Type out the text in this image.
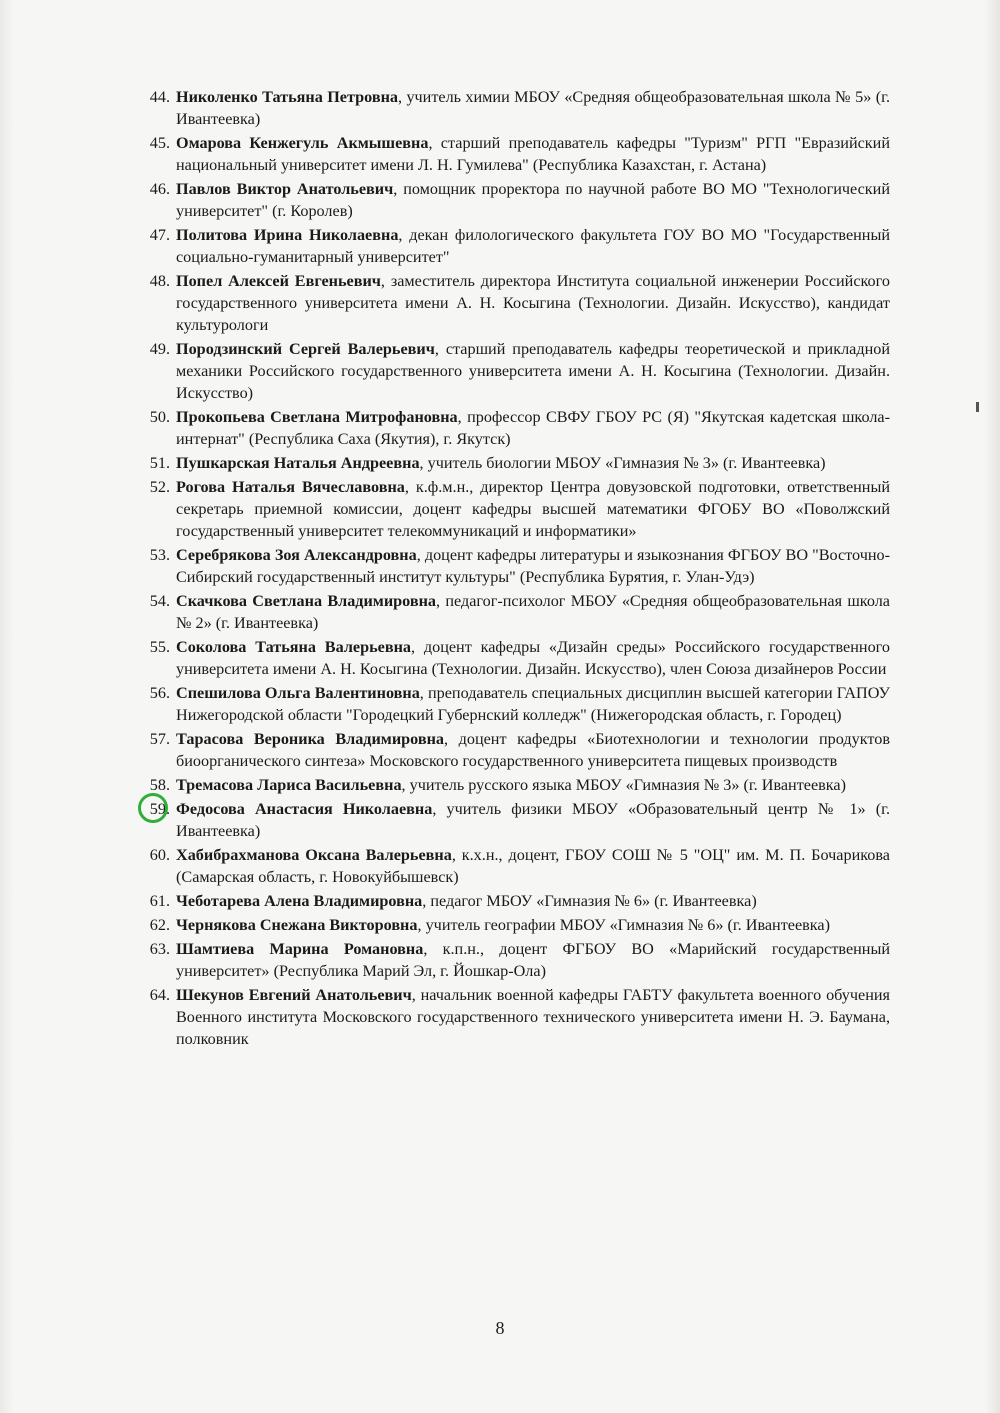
44. Николенко Татьяна Петровна, учитель химии МБОУ «Средняя общеобразовательная школа № 5» (г. Ивантеевка)
45. Омарова Кенжегуль Акмышевна, старший преподаватель кафедры "Туризм" РГП "Евразийский национальный университет имени Л. Н. Гумилева" (Республика Казахстан, г. Астана)
46. Павлов Виктор Анатольевич, помощник проректора по научной работе ВО МО "Технологический университет" (г. Королев)
47. Политова Ирина Николаевна, декан филологического факультета ГОУ ВО МО "Государственный социально-гуманитарный университет"
48. Попел Алексей Евгеньевич, заместитель директора Института социальной инженерии Российского государственного университета имени А. Н. Косыгина (Технологии. Дизайн. Искусство), кандидат культурологи
49. Породзинский Сергей Валерьевич, старший преподаватель кафедры теоретической и прикладной механики Российского государственного университета имени А. Н. Косыгина (Технологии. Дизайн. Искусство)
50. Прокопьева Светлана Митрофановна, профессор СВФУ ГБОУ РС (Я) "Якутская кадетская школа-интернат" (Республика Саха (Якутия), г. Якутск)
51. Пушкарская Наталья Андреевна, учитель биологии МБОУ «Гимназия № 3» (г. Ивантеевка)
52. Рогова Наталья Вячеславовна, к.ф.м.н., директор Центра довузовской подготовки, ответственный секретарь приемной комиссии, доцент кафедры высшей математики ФГОБУ ВО «Поволжский государственный университет телекоммуникаций и информатики»
53. Серебрякова Зоя Александровна, доцент кафедры литературы и языкознания ФГБОУ ВО "Восточно-Сибирский государственный институт культуры" (Республика Бурятия, г. Улан-Удэ)
54. Скачкова Светлана Владимировна, педагог-психолог МБОУ «Средняя общеобразовательная школа № 2» (г. Ивантеевка)
55. Соколова Татьяна Валерьевна, доцент кафедры «Дизайн среды» Российского государственного университета имени А. Н. Косыгина (Технологии. Дизайн. Искусство), член Союза дизайнеров России
56. Спешилова Ольга Валентиновна, преподаватель специальных дисциплин высшей категории ГАПОУ Нижегородской области "Городецкий Губернский колледж" (Нижегородская область, г. Городец)
57. Тарасова Вероника Владимировна, доцент кафедры «Биотехнологии и технологии продуктов биоорганического синтеза» Московского государственного университета пищевых производств
58. Тремасова Лариса Васильевна, учитель русского языка МБОУ «Гимназия № 3» (г. Ивантеевка)
59. Федосова Анастасия Николаевна, учитель физики МБОУ «Образовательный центр № 1» (г. Ивантеевка)
60. Хабибрахманова Оксана Валерьевна, к.х.н., доцент, ГБОУ СОШ № 5 "ОЦ" им. М. П. Бочарикова (Самарская область, г. Новокуйбышевск)
61. Чеботарева Алена Владимировна, педагог МБОУ «Гимназия № 6» (г. Ивантеевка)
62. Чернякова Снежана Викторовна, учитель географии МБОУ «Гимназия № 6» (г. Ивантеевка)
63. Шамтиева Марина Романовна, к.п.н., доцент ФГБОУ ВО «Марийский государственный университет» (Республика Марий Эл, г. Йошкар-Ола)
64. Шекунов Евгений Анатольевич, начальник военной кафедры ГАБТУ факультета военного обучения Военного института Московского государственного технического университета имени Н. Э. Баумана, полковник
8
